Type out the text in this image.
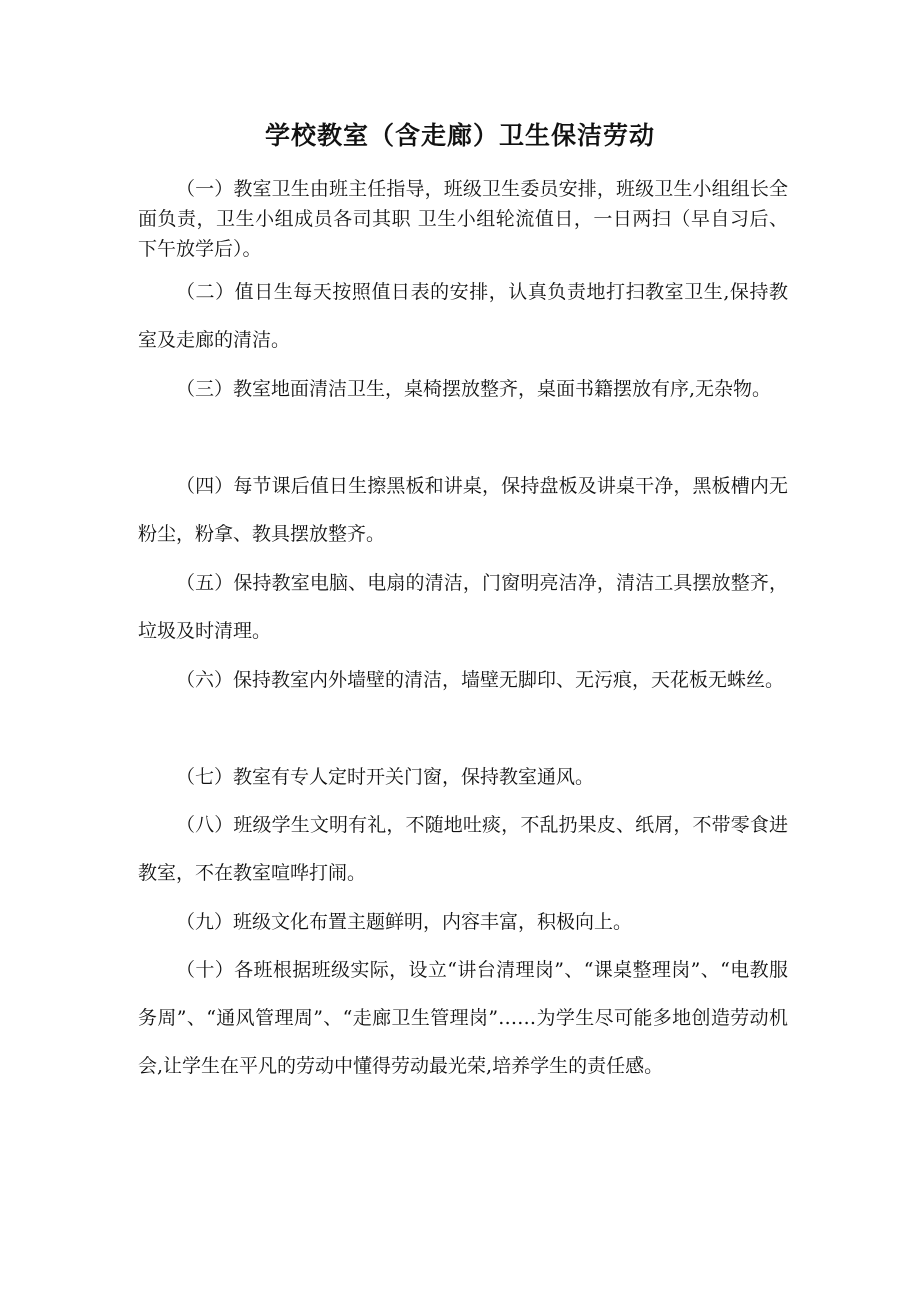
学校教室（含走廊）卫生保洁劳动

（一）教室卫生由班主任指导，班级卫生委员安排，班级卫生小组组长全面负责，卫生小组成员各司其职 卫生小组轮流值日，一日两扫（早自习后、下午放学后）。

（二）值日生每天按照值日表的安排，认真负责地打扫教室卫生,保持教室及走廊的清洁。

（三）教室地面清洁卫生，桌椅摆放整齐，桌面书籍摆放有序,无杂物。

（四）每节课后值日生擦黑板和讲桌，保持盘板及讲桌干净，黑板槽内无粉尘，粉拿、教具摆放整齐。

（五）保持教室电脑、电扇的清洁，门窗明亮洁净，清洁工具摆放整齐，垃圾及时清理。

（六）保持教室内外墙壁的清洁，墙壁无脚印、无污痕，天花板无蛛丝。

（七）教室有专人定时开关门窗，保持教室通风。

（八）班级学生文明有礼，不随地吐痰，不乱扔果皮、纸屑，不带零食进教室，不在教室喧哗打闹。

（九）班级文化布置主题鲜明，内容丰富，积极向上。

（十）各班根据班级实际，设立“讲台清理岗”、“课桌整理岗”、“电教服务周”、“通风管理周”、“走廊卫生管理岗”……为学生尽可能多地创造劳动机会,让学生在平凡的劳动中懂得劳动最光荣,培养学生的责任感。
